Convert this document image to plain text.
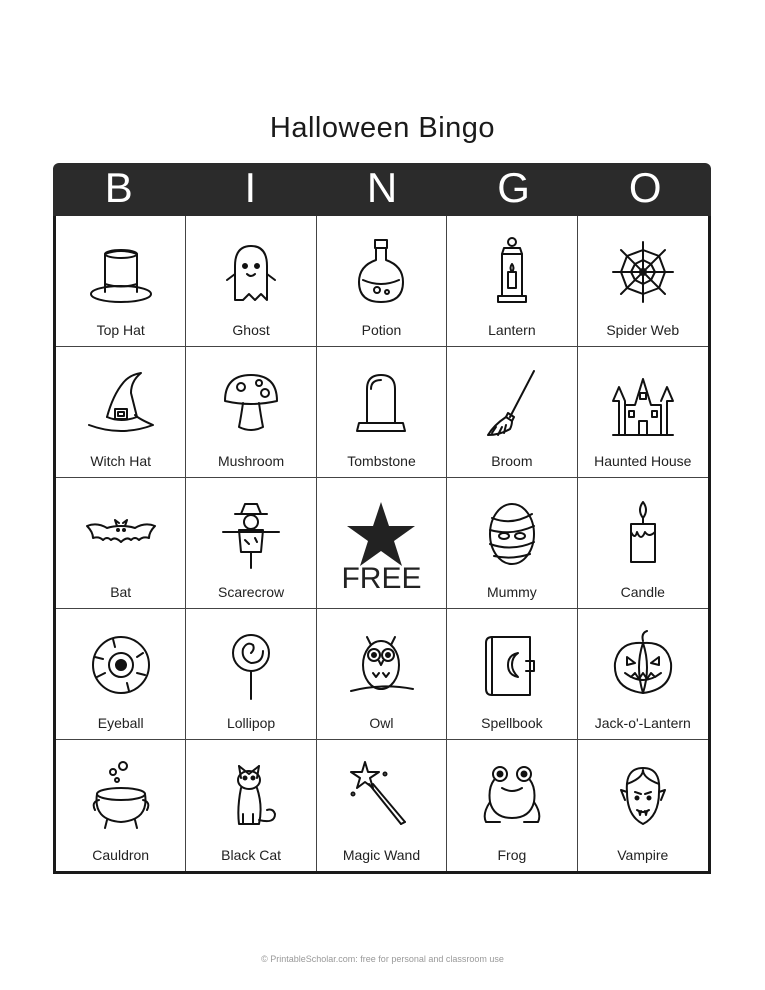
Halloween Bingo
B	I	N	G	O
Top Hat	Ghost	Potion	Lantern	Spider Web
Witch Hat	Mushroom	Tombstone	Broom	Haunted House
Bat	Scarecrow	FREE	Mummy	Candle
Eyeball	Lollipop	Owl	Spellbook	Jack-o'-Lantern
Cauldron	Black Cat	Magic Wand	Frog	Vampire
© PrintableScholar.com: free for personal and classroom use
